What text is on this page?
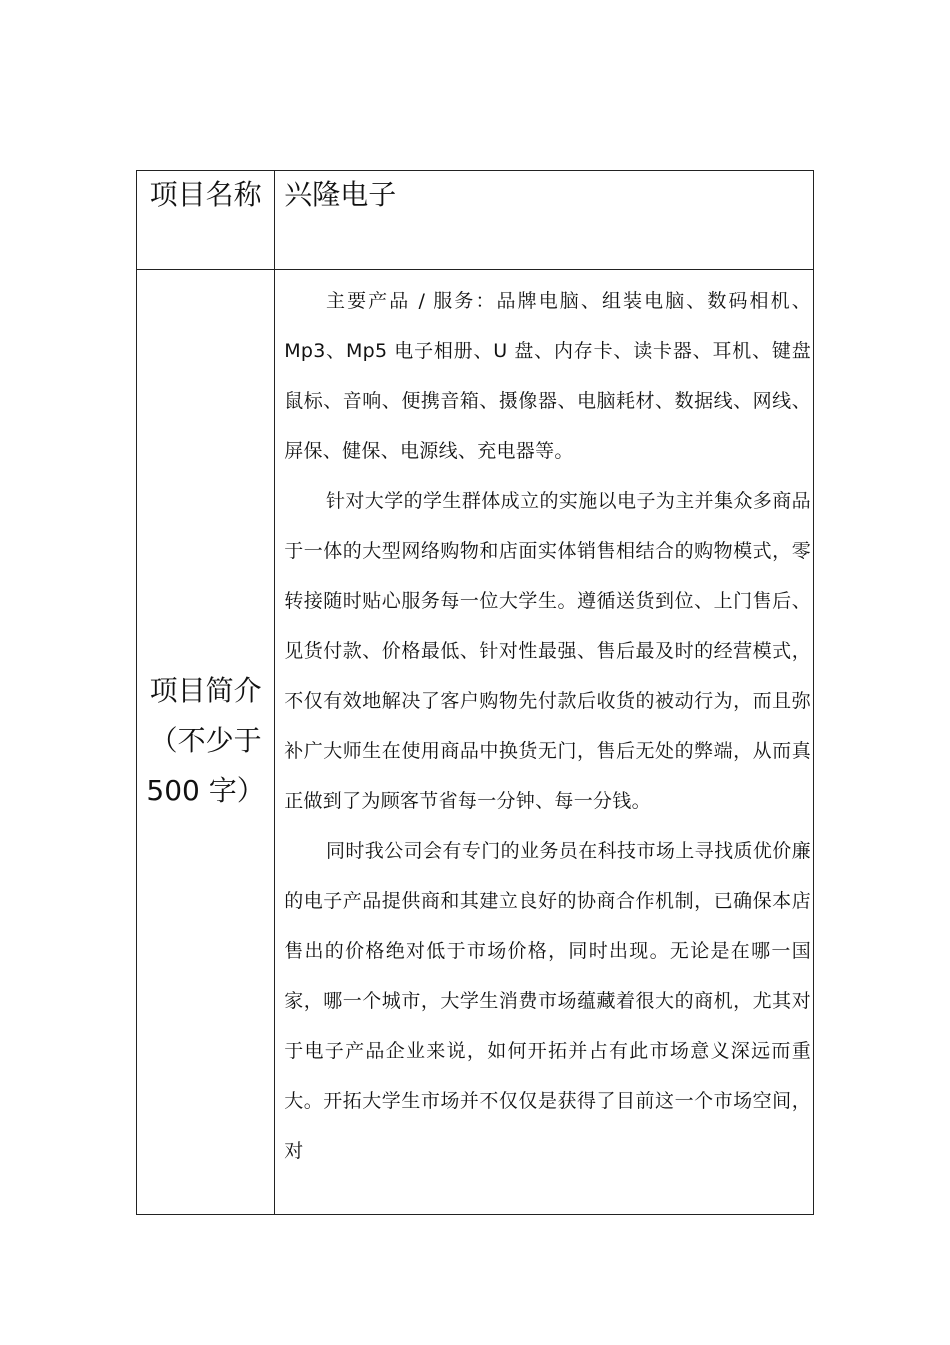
项目名称	兴隆电子

项目简介（不少于 500 字）	主要产品 / 服务：品牌电脑、组装电脑、数码相机、Mp3、Mp5 电子相册、U 盘、内存卡、读卡器、耳机、键盘鼠标、音响、便携音箱、摄像器、电脑耗材、数据线、网线、屏保、健保、电源线、充电器等。

针对大学的学生群体成立的实施以电子为主并集众多商品于一体的大型网络购物和店面实体销售相结合的购物模式，零转接随时贴心服务每一位大学生。遵循送货到位、上门售后、见货付款、价格最低、针对性最强、售后最及时的经营模式，不仅有效地解决了客户购物先付款后收货的被动行为，而且弥补广大师生在使用商品中换货无门，售后无处的弊端，从而真正做到了为顾客节省每一分钟、每一分钱。

同时我公司会有专门的业务员在科技市场上寻找质优价廉的电子产品提供商和其建立良好的协商合作机制，已确保本店售出的价格绝对低于市场价格，同时出现。无论是在哪一国家，哪一个城市，大学生消费市场蕴藏着很大的商机，尤其对于电子产品企业来说，如何开拓并占有此市场意义深远而重大。开拓大学生市场并不仅仅是获得了目前这一个市场空间，对
